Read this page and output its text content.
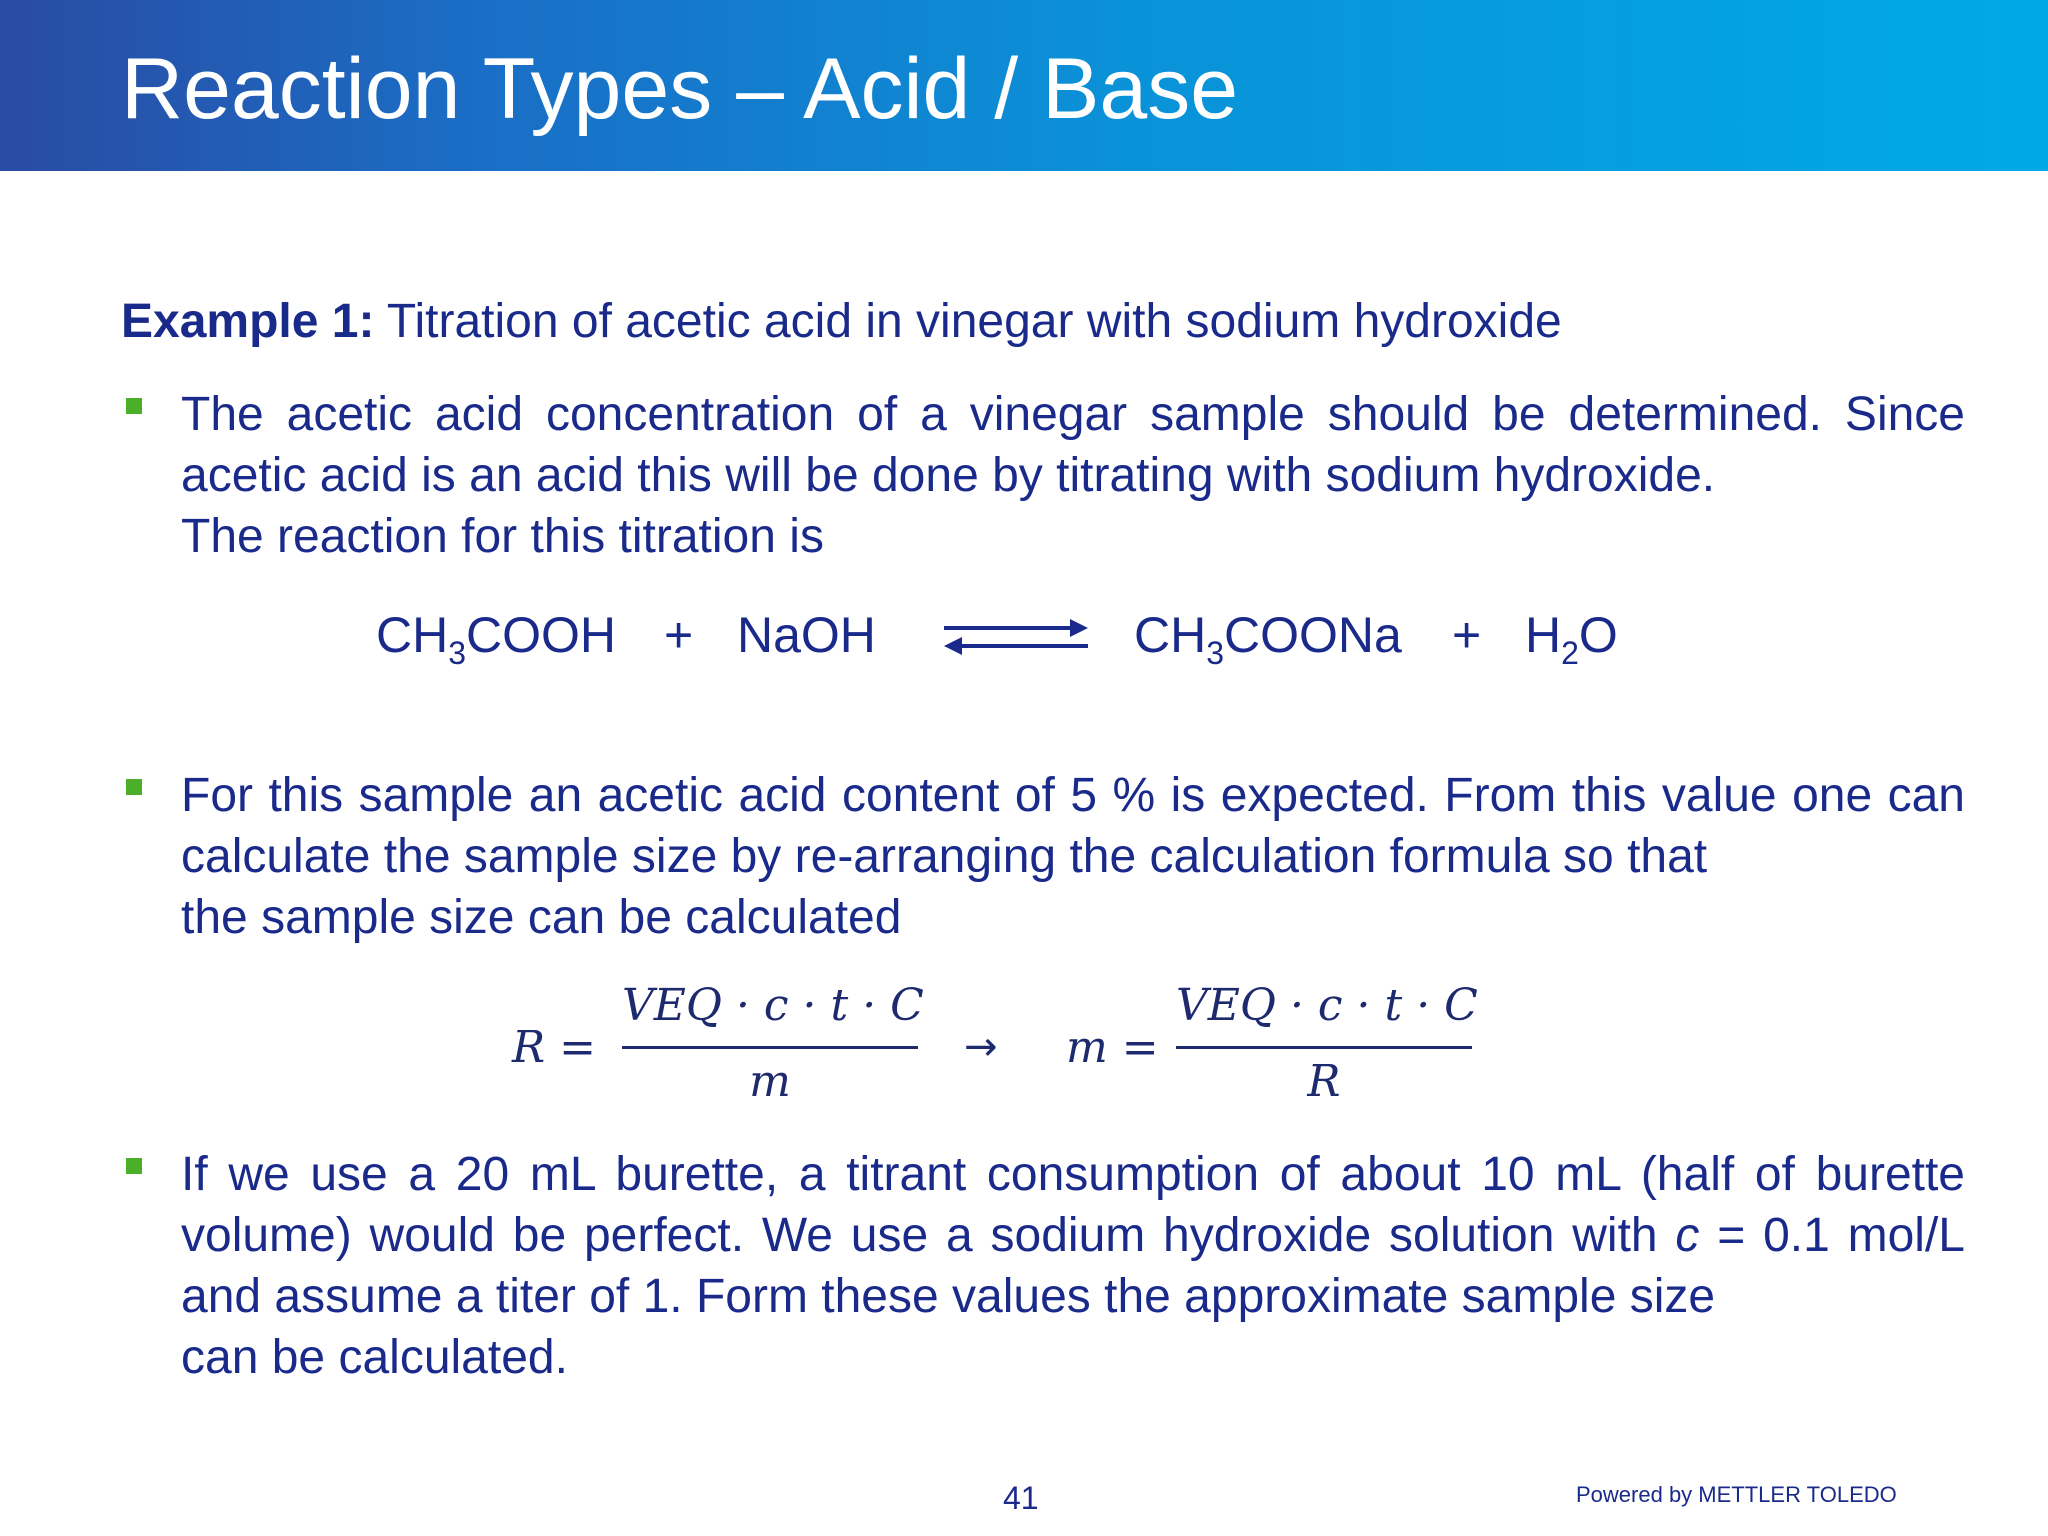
Reaction Types – Acid / Base
Example 1: Titration of acetic acid in vinegar with sodium hydroxide
The acetic acid concentration of a vinegar sample should be determined. Since acetic acid is an acid this will be done by titrating with sodium hydroxide.
The reaction for this titration is
$CH_3COOH$ + NaOH ⇌ $CH_3COONa + H_2O$
For this sample an acetic acid content of 5 % is expected. From this value one can calculate the sample size by re-arranging the calculation formula so that
the sample size can be calculated
R =
VEQ · c · t · C
m
→ m =
VEQ · c · t · C
R
If we use a 20 mL burette, a titrant consumption of about 10 mL (half of burette volume) would be perfect. We use a sodium hydroxide solution with c = 0.1 mol/L and assume a titer of 1. Form these values the approximate sample size
can be calculated.
41	Powered by METTLER TOLEDO
